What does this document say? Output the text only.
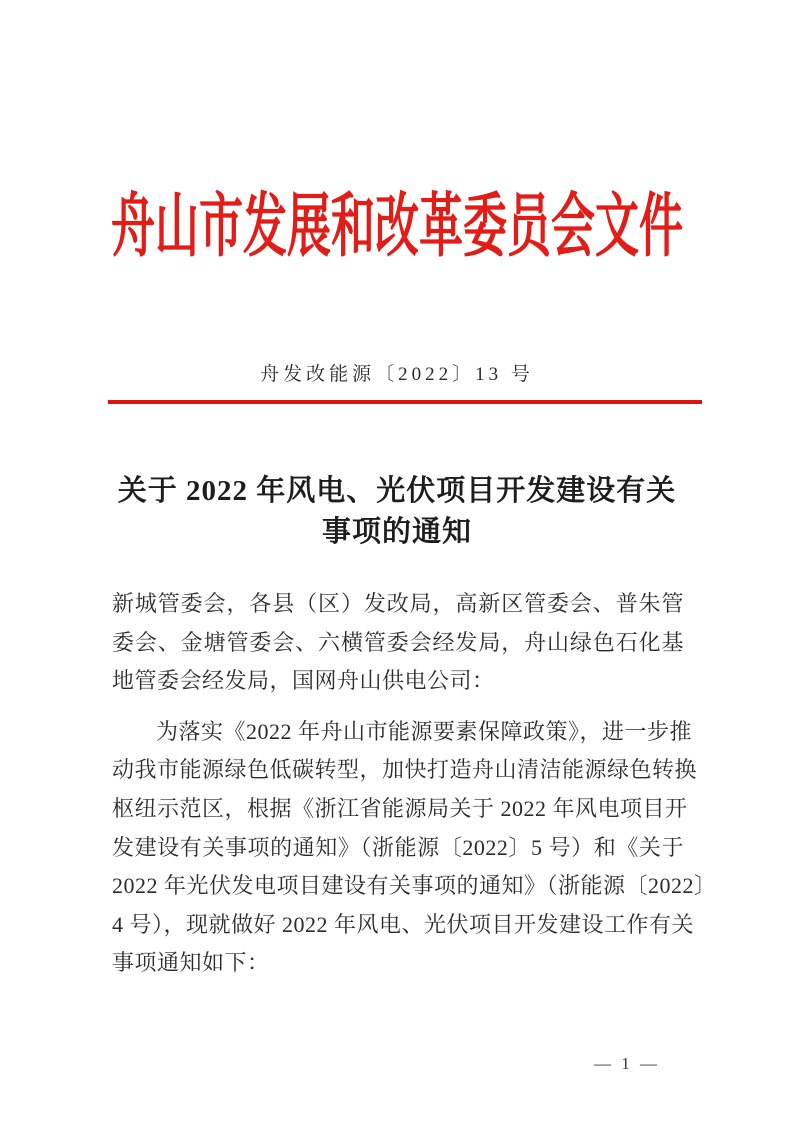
舟山市发展和改革委员会文件
舟发改能源〔2022〕13 号
关于 2022 年风电、光伏项目开发建设有关
事项的通知
新城管委会，各县（区）发改局，高新区管委会、普朱管
委会、金塘管委会、六横管委会经发局，舟山绿色石化基
地管委会经发局，国网舟山供电公司：
为落实《2022 年舟山市能源要素保障政策》，进一步推
动我市能源绿色低碳转型，加快打造舟山清洁能源绿色转换
枢纽示范区，根据《浙江省能源局关于 2022 年风电项目开
发建设有关事项的通知》（浙能源〔2022〕5 号）和《关于
2022 年光伏发电项目建设有关事项的通知》（浙能源〔2022〕
4 号），现就做好 2022 年风电、光伏项目开发建设工作有关
事项通知如下：
— 1 —
